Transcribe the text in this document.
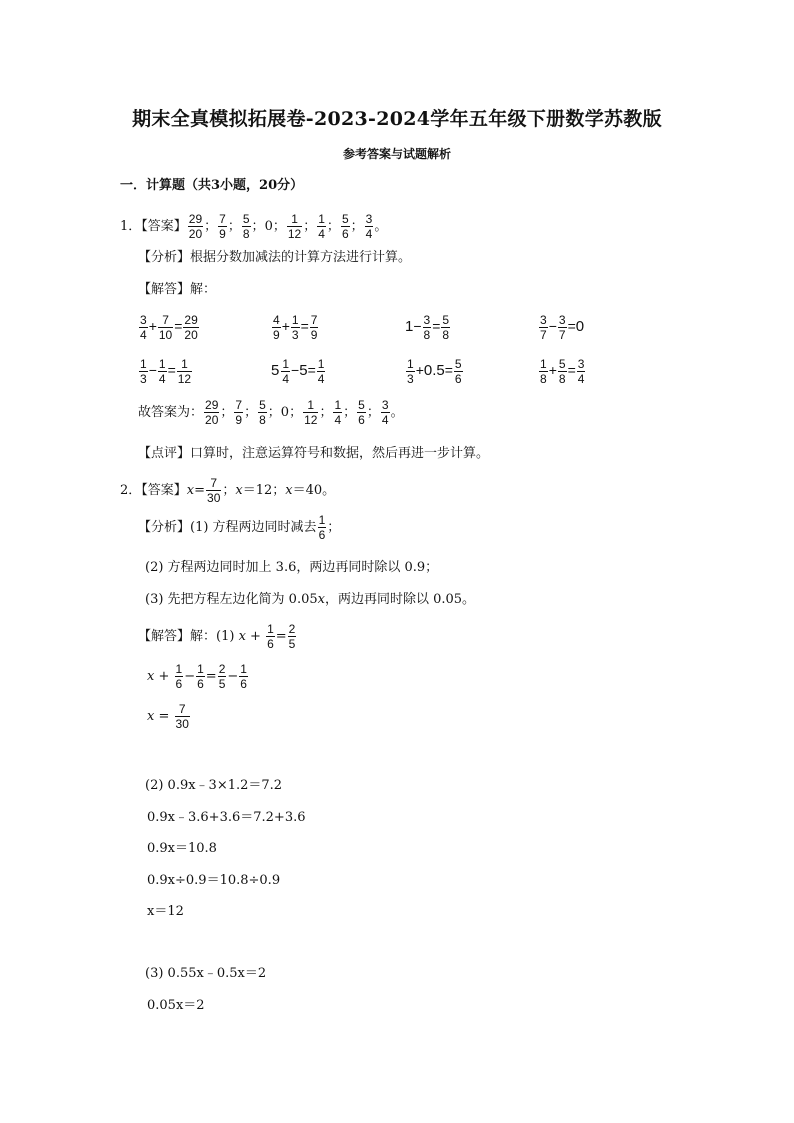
期末全真模拟拓展卷-2023-2024学年五年级下册数学苏教版
参考答案与试题解析
一．计算题（共3小题，20分）
1．【答案】 $\frac{29}{20}$ ； $\frac{7}{9}$ ； $\frac{5}{8}$ ；0； $\frac{1}{12}$ ； $\frac{1}{4}$ ； $\frac{5}{6}$ ； $\frac{3}{4}$ 。
【分析】根据分数加减法的计算方法进行计算。
【解答】解：
$\frac{3}{4} + \frac{7}{10} = \frac{29}{20}$	$\frac{4}{9} + \frac{1}{3} = \frac{7}{9}$	$1- \frac{3}{8} = \frac{5}{8}$	$\frac{3}{7} - \frac{3}{7} =0$
$\frac{1}{3} - \frac{1}{4} = \frac{1}{12}$	$5 \frac{1}{4} -5= \frac{1}{4}$	$\frac{1}{3} +0.5= \frac{5}{6}$	$\frac{1}{8} + \frac{5}{8} = \frac{3}{4}$
故答案为： $\frac{29}{20}$ ； $\frac{7}{9}$ ； $\frac{5}{8}$ ；0； $\frac{1}{12}$ ； $\frac{1}{4}$ ； $\frac{5}{6}$ ； $\frac{3}{4}$ 。
【点评】口算时，注意运算符号和数据，然后再进一步计算。
2．【答案】$x= \frac{7}{30}$ ；x＝12；x＝40。
【分析】(1) 方程两边同时减去 $\frac{1}{6}$ ；
(2) 方程两边同时加上 3.6，两边再同时除以 0.9；
(3) 先把方程左边化简为 0.05x，两边再同时除以 0.05。
【解答】解：(1) $x + \frac{1}{6} = \frac{2}{5}$
$x + \frac{1}{6} - \frac{1}{6} = \frac{2}{5} - \frac{1}{6}$
$x = \frac{7}{30}$
(2) 0.9x﹣3×1.2＝7.2
0.9x﹣3.6+3.6＝7.2+3.6
0.9x＝10.8
0.9x÷0.9＝10.8÷0.9
x＝12
(3) 0.55x﹣0.5x＝2
0.05x＝2
